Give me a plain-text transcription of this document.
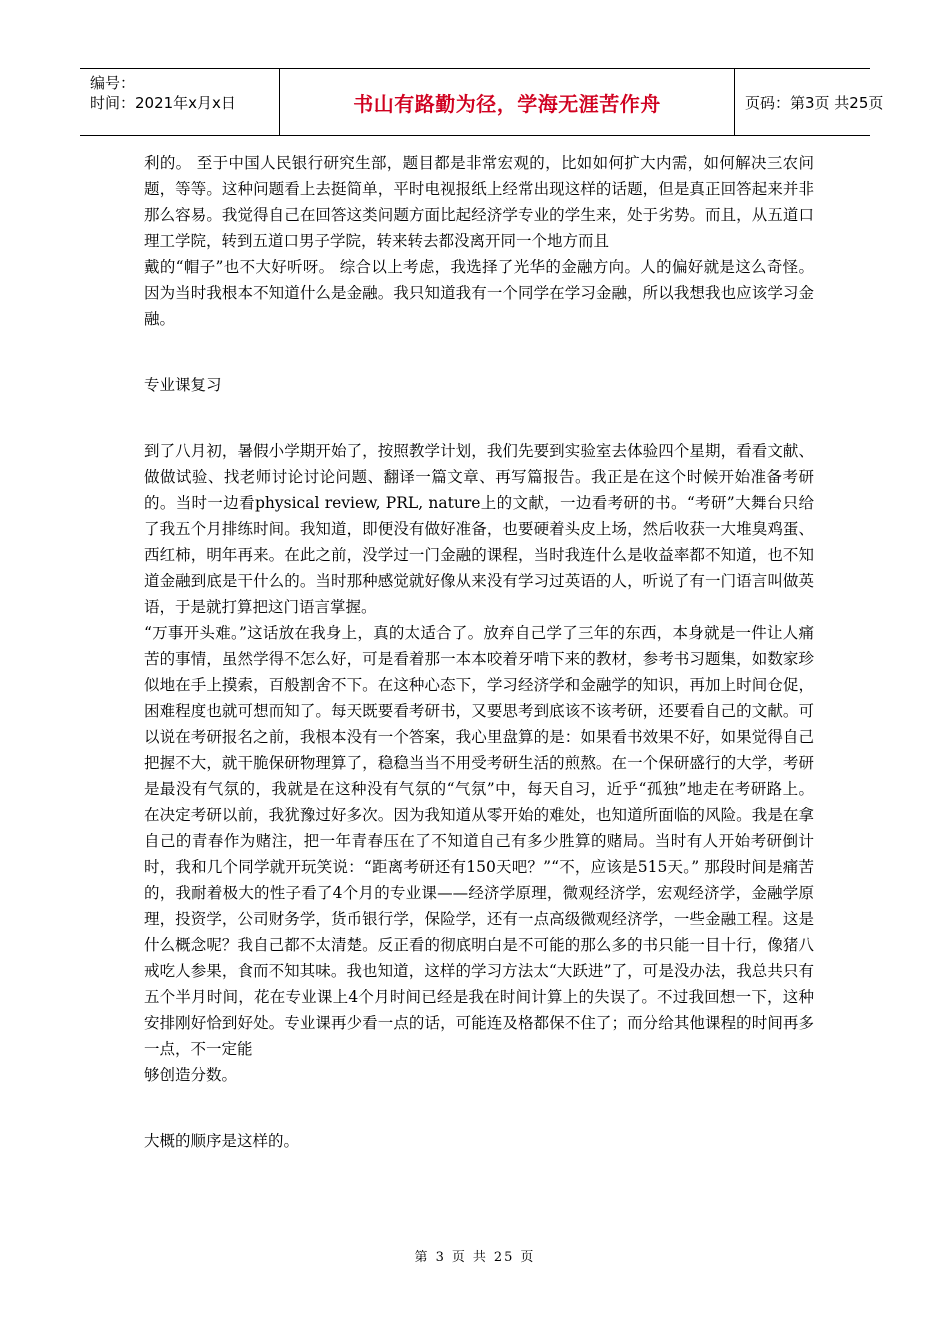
编号：
时间：2021年x月x日	书山有路勤为径，学海无涯苦作舟	页码：第3页 共25页

利的。 至于中国人民银行研究生部，题目都是非常宏观的，比如如何扩大内需，如何解决三农问题，等等。这种问题看上去挺简单，平时电视报纸上经常出现这样的话题，但是真正回答起来并非那么容易。我觉得自己在回答这类问题方面比起经济学专业的学生来，处于劣势。而且，从五道口理工学院，转到五道口男子学院，转来转去都没离开同一个地方而且

戴的“帽子”也不大好听呀。 综合以上考虑，我选择了光华的金融方向。人的偏好就是这么奇怪。因为当时我根本不知道什么是金融。我只知道我有一个同学在学习金融，所以我想我也应该学习金融。

专业课复习

到了八月初，暑假小学期开始了，按照教学计划，我们先要到实验室去体验四个星期，看看文献、做做试验、找老师讨论讨论问题、翻译一篇文章、再写篇报告。我正是在这个时候开始准备考研的。当时一边看physical review, PRL, nature上的文献，一边看考研的书。“考研”大舞台只给了我五个月排练时间。我知道，即便没有做好准备，也要硬着头皮上场，然后收获一大堆臭鸡蛋、西红柿，明年再来。在此之前，没学过一门金融的课程，当时我连什么是收益率都不知道，也不知道金融到底是干什么的。当时那种感觉就好像从来没有学习过英语的人，听说了有一门语言叫做英语，于是就打算把这门语言掌握。

“万事开头难。”这话放在我身上，真的太适合了。放弃自己学了三年的东西，本身就是一件让人痛苦的事情，虽然学得不怎么好，可是看着那一本本咬着牙啃下来的教材，参考书习题集，如数家珍似地在手上摸索，百般割舍不下。在这种心态下，学习经济学和金融学的知识，再加上时间仓促，困难程度也就可想而知了。每天既要看考研书，又要思考到底该不该考研，还要看自己的文献。可以说在考研报名之前，我根本没有一个答案，我心里盘算的是：如果看书效果不好，如果觉得自己把握不大，就干脆保研物理算了，稳稳当当不用受考研生活的煎熬。在一个保研盛行的大学，考研是最没有气氛的，我就是在这种没有气氛的“气氛”中，每天自习，近乎“孤独”地走在考研路上。 在决定考研以前，我犹豫过好多次。因为我知道从零开始的难处，也知道所面临的风险。我是在拿自己的青春作为赌注，把一年青春压在了不知道自己有多少胜算的赌局。当时有人开始考研倒计时，我和几个同学就开玩笑说：“距离考研还有150天吧？”“不，应该是515天。” 那段时间是痛苦的，我耐着极大的性子看了4个月的专业课——经济学原理，微观经济学，宏观经济学，金融学原理，投资学，公司财务学，货币银行学，保险学，还有一点高级微观经济学，一些金融工程。这是什么概念呢？我自己都不太清楚。反正看的彻底明白是不可能的那么多的书只能一目十行，像猪八戒吃人参果，食而不知其味。我也知道，这样的学习方法太“大跃进”了，可是没办法，我总共只有五个半月时间，花在专业课上4个月时间已经是我在时间计算上的失误了。不过我回想一下，这种安排刚好恰到好处。专业课再少看一点的话，可能连及格都保不住了；而分给其他课程的时间再多一点，不一定能

够创造分数。

大概的顺序是这样的。

第 3 页 共 25 页
